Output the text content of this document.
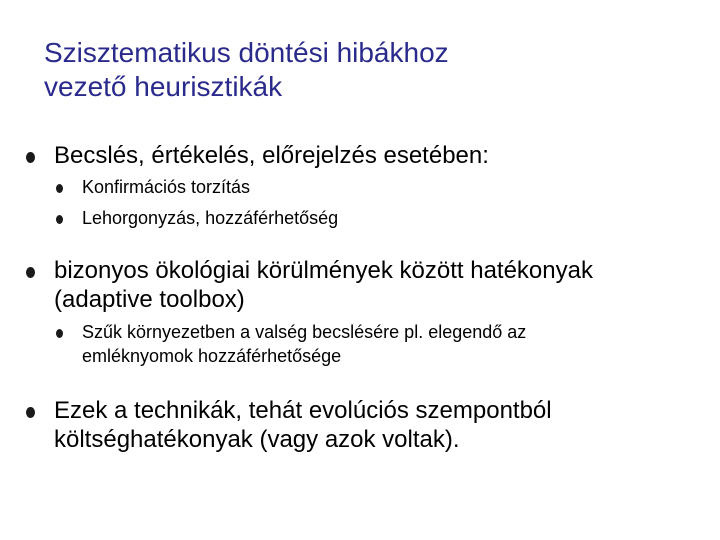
Szisztematikus döntési hibákhoz
vezető heurisztikák
Becslés, értékelés, előrejelzés esetében:
Konfirmációs torzítás
Lehorgonyzás, hozzáférhetőség
bizonyos ökológiai körülmények között hatékonyak
(adaptive toolbox)
Szűk környezetben a valség becslésére pl. elegendő az
emléknyomok hozzáférhetősége
Ezek a technikák, tehát evolúciós szempontból
költséghatékonyak (vagy azok voltak).
